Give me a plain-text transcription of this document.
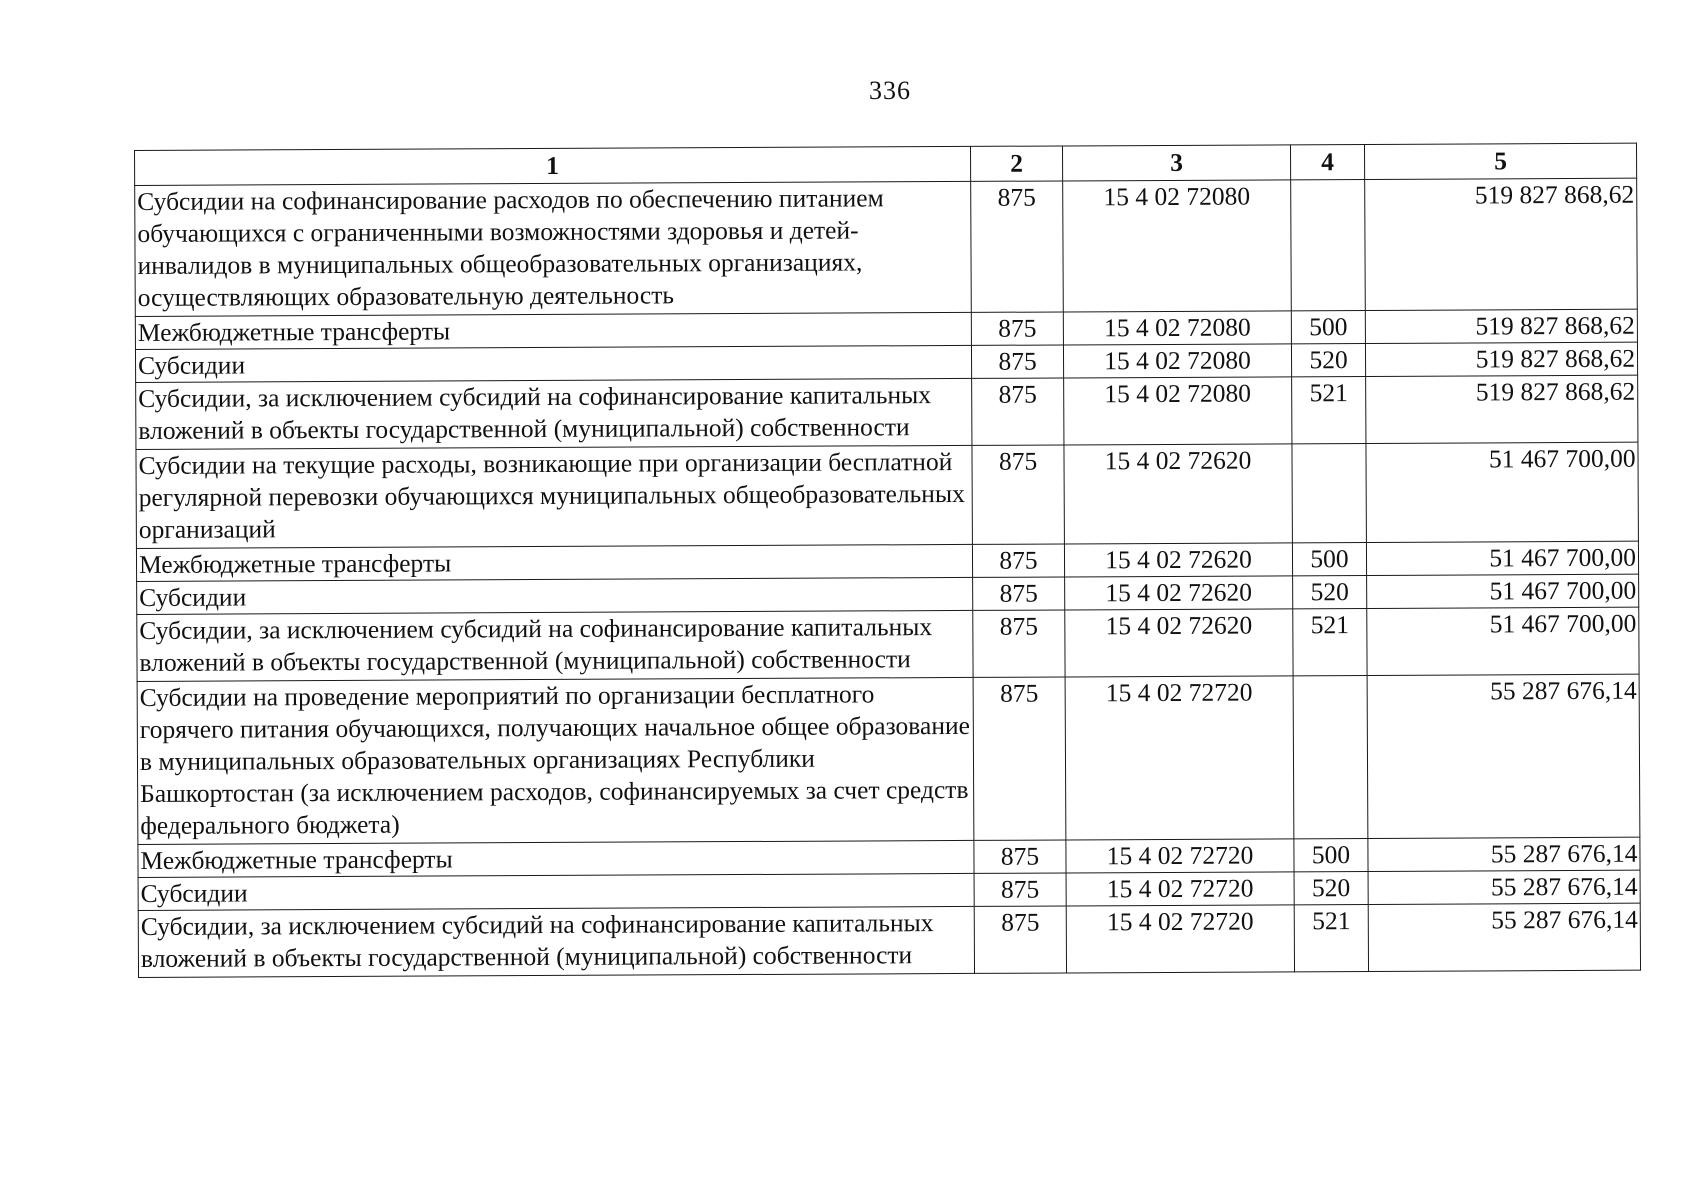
336
1	2	3	4	5
Субсидии на софинансирование расходов по обеспечению питанием обучающихся с ограниченными возможностями здоровья и детей-инвалидов в муниципальных общеобразовательных организациях, осуществляющих образовательную деятельность	875	15 4 02 72080		519 827 868,62
Межбюджетные трансферты	875	15 4 02 72080	500	519 827 868,62
Субсидии	875	15 4 02 72080	520	519 827 868,62
Субсидии, за исключением субсидий на софинансирование капитальных вложений в объекты государственной (муниципальной) собственности	875	15 4 02 72080	521	519 827 868,62
Субсидии на текущие расходы, возникающие при организации бесплатной регулярной перевозки обучающихся муниципальных общеобразовательных организаций	875	15 4 02 72620		51 467 700,00
Межбюджетные трансферты	875	15 4 02 72620	500	51 467 700,00
Субсидии	875	15 4 02 72620	520	51 467 700,00
Субсидии, за исключением субсидий на софинансирование капитальных вложений в объекты государственной (муниципальной) собственности	875	15 4 02 72620	521	51 467 700,00
Субсидии на проведение мероприятий по организации бесплатного горячего питания обучающихся, получающих начальное общее образование в муниципальных образовательных организациях Республики Башкортостан (за исключением расходов, софинансируемых за счет средств федерального бюджета)	875	15 4 02 72720		55 287 676,14
Межбюджетные трансферты	875	15 4 02 72720	500	55 287 676,14
Субсидии	875	15 4 02 72720	520	55 287 676,14
Субсидии, за исключением субсидий на софинансирование капитальных вложений в объекты государственной (муниципальной) собственности	875	15 4 02 72720	521	55 287 676,14
